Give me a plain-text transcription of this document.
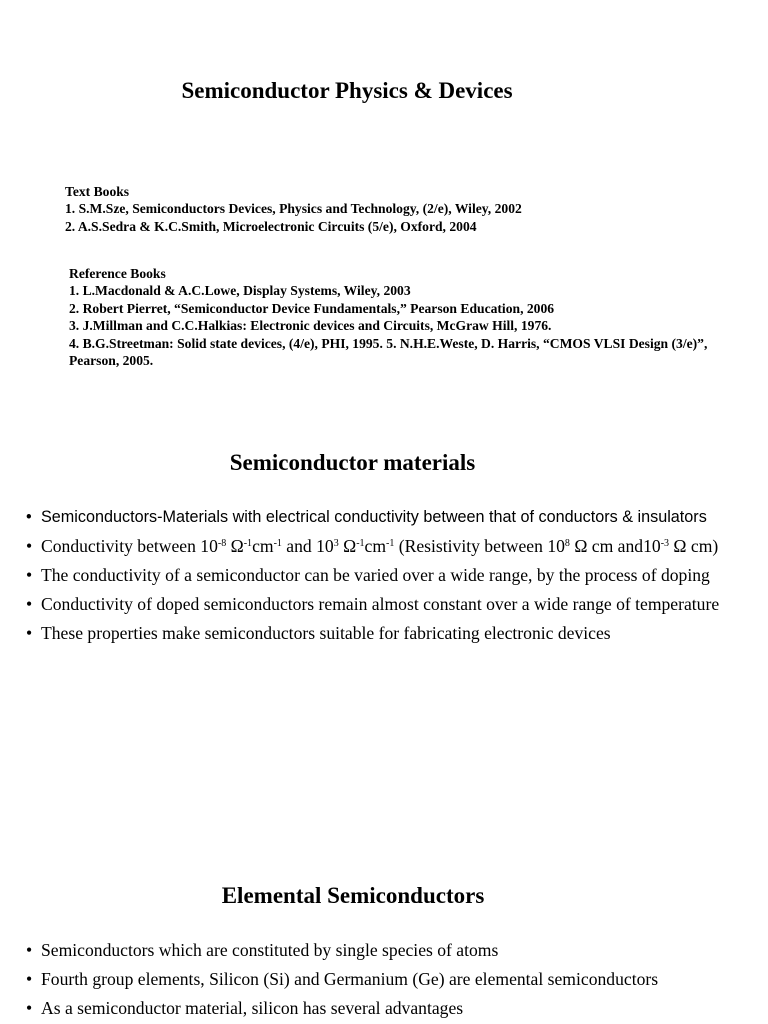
Semiconductor Physics & Devices
Text Books
1. S.M.Sze, Semiconductors Devices, Physics and Technology, (2/e), Wiley, 2002
2. A.S.Sedra & K.C.Smith, Microelectronic Circuits (5/e), Oxford, 2004
Reference Books
1. L.Macdonald & A.C.Lowe, Display Systems, Wiley, 2003
2. Robert Pierret, “Semiconductor Device Fundamentals,” Pearson Education, 2006
3. J.Millman and C.C.Halkias: Electronic devices and Circuits, McGraw Hill, 1976.
4. B.G.Streetman: Solid state devices, (4/e), PHI, 1995. 5. N.H.E.Weste, D. Harris, “CMOS VLSI Design (3/e)”, Pearson, 2005.
Semiconductor materials
• Semiconductors-Materials with electrical conductivity between that of conductors & insulators
• Conductivity between $10^{-8}$ $\Omega^{-1}cm^{-1}$ and $10^3$ $\Omega^{-1}cm^{-1}$ (Resistivity between $10^8$ Ω cm $and10^{-3}$ Ω cm)
• The conductivity of a semiconductor can be varied over a wide range, by the process of doping
• Conductivity of doped semiconductors remain almost constant over a wide range of temperature
• These properties make semiconductors suitable for fabricating electronic devices
Elemental Semiconductors
• Semiconductors which are constituted by single species of atoms
• Fourth group elements, Silicon (Si) and Germanium (Ge) are elemental semiconductors
• As a semiconductor material, silicon has several advantages
